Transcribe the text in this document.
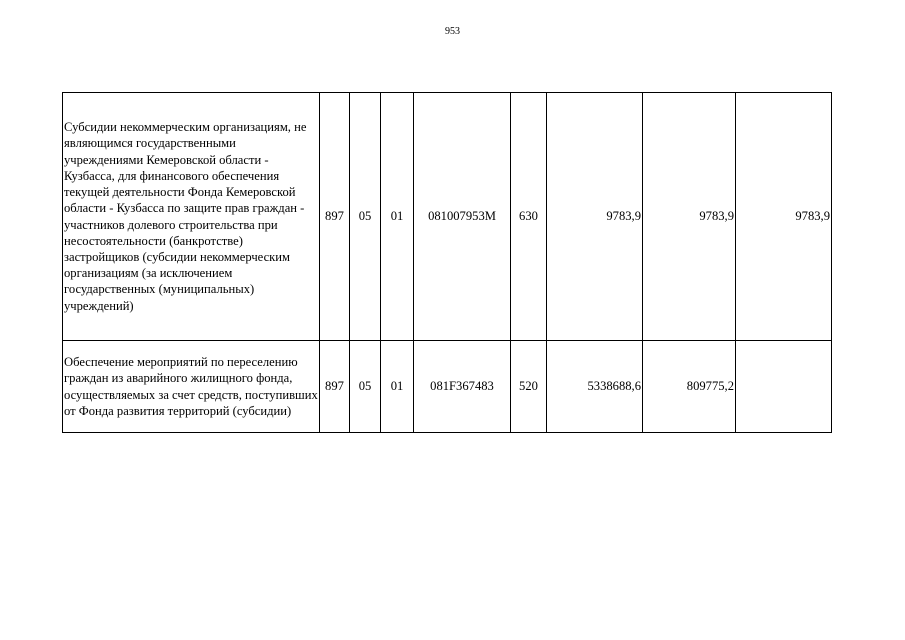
953
Субсидии некоммерческим организациям, не являющимся государственными учреждениями Кемеровской области - Кузбасса, для финансового обеспечения текущей деятельности Фонда Кемеровской области - Кузбасса по защите прав граждан - участников долевого строительства при несостоятельности (банкротстве) застройщиков (субсидии некоммерческим организациям (за исключением государственных (муниципальных) учреждений)	897	05	01	081007953M	630	9783,9	9783,9	9783,9
Обеспечение мероприятий по переселению граждан из аварийного жилищного фонда, осуществляемых за счет средств, поступивших от Фонда развития территорий (субсидии)	897	05	01	081F367483	520	5338688,6	809775,2	
